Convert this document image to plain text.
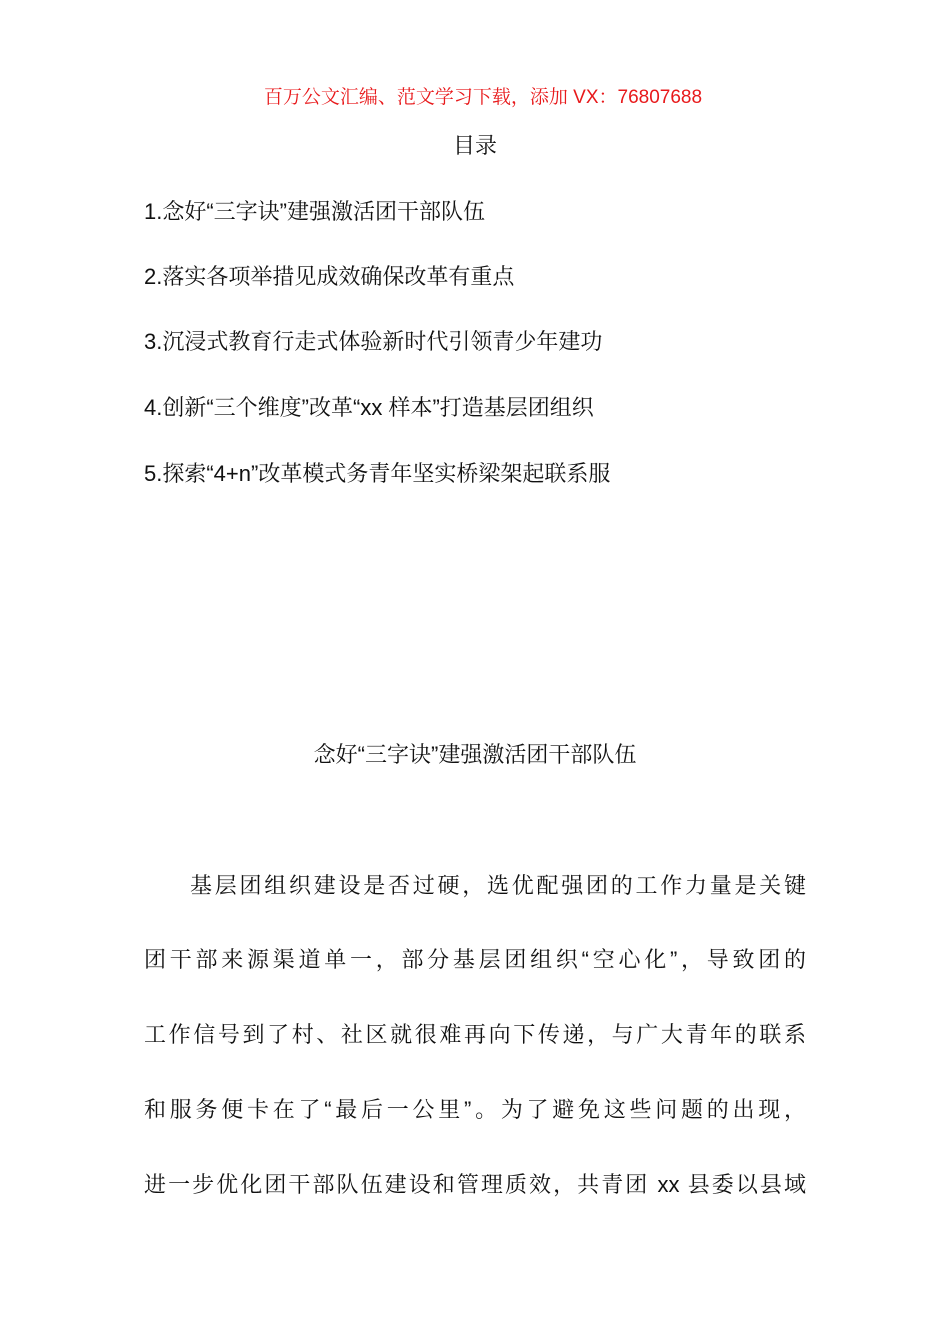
百万公文汇编、范文学习下载，添加 VX：76807688
目录
1.念好“三字诀”建强激活团干部队伍
2.落实各项举措见成效确保改革有重点
3.沉浸式教育行走式体验新时代引领青少年建功
4.创新“三个维度”改革“xx 样本”打造基层团组织
5.探索“4+n”改革模式务青年坚实桥梁架起联系服
念好“三字诀”建强激活团干部队伍
基层团组织建设是否过硬，选优配强团的工作力量是关键
团干部来源渠道单一，部分基层团组织“空心化”，导致团的
工作信号到了村、社区就很难再向下传递，与广大青年的联系
和服务便卡在了“最后一公里”。为了避免这些问题的出现，
进一步优化团干部队伍建设和管理质效，共青团 xx 县委以县域
